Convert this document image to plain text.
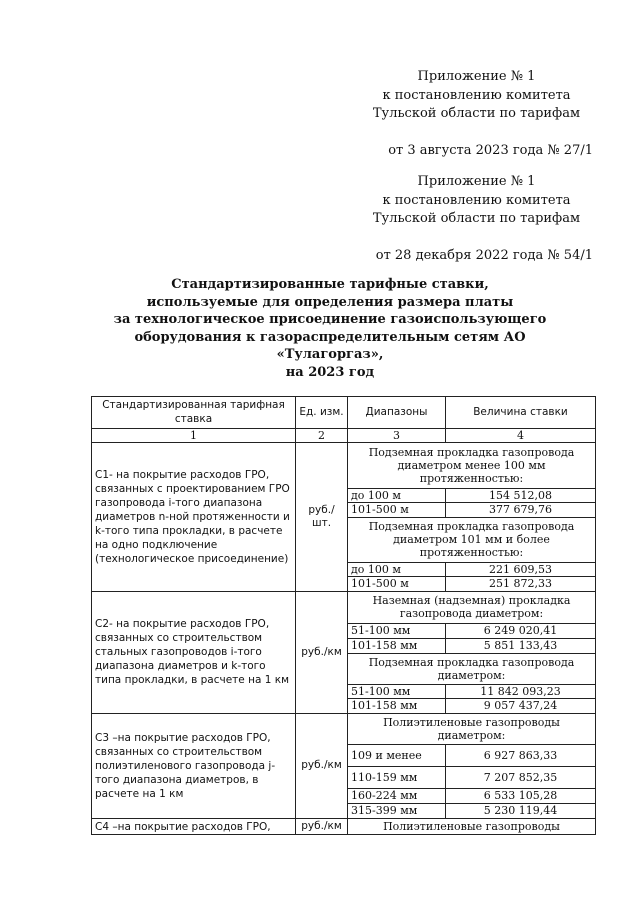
Приложение № 1
к постановлению комитета
Тульской области по тарифам
от 3 августа 2023 года № 27/1
Приложение № 1
к постановлению комитета
Тульской области по тарифам
от 28 декабря 2022 года № 54/1
Стандартизированные тарифные ставки,
используемые для определения размера платы
за технологическое присоединение газоиспользующего
оборудования к газораспределительным сетям АО «Тулагоргаз»,
на 2023 год
Стандартизированная тарифная ставка	Ед. изм.	Диапазоны	Величина ставки
1	2	3	4
С1- на покрытие расходов ГРО, связанных с проектированием ГРО газопровода i-того диапазона диаметров n-ной протяженности и k-того типа прокладки, в расчете на одно подключение (технологическое присоединение)	руб./шт.	Подземная прокладка газопровода диаметром менее 100 мм протяженностью:	
		до 100 м	154 512,08
		101-500 м	377 679,76
		Подземная прокладка газопровода диаметром 101 мм и более протяженностью:	
		до 100 м	221 609,53
		101-500 м	251 872,33
С2- на покрытие расходов ГРО, связанных со строительством стальных газопроводов i-того диапазона диаметров и k-того типа прокладки, в расчете на 1 км	руб./км	Наземная (надземная) прокладка газопровода диаметром:	
		51-100 мм	6 249 020,41
		101-158 мм	5 851 133,43
		Подземная прокладка газопровода диаметром:	
		51-100 мм	11 842 093,23
		101-158 мм	9 057 437,24
С3 –на покрытие расходов ГРО, связанных со строительством полиэтиленового газопровода j-того диапазона диаметров, в расчете на 1 км	руб./км	Полиэтиленовые газопроводы диаметром:	
		109 и менее	6 927 863,33
		110-159 мм	7 207 852,35
		160-224 мм	6 533 105,28
		315-399 мм	5 230 119,44
С4 –на покрытие расходов ГРО,	руб./км	Полиэтиленовые газопроводы	
